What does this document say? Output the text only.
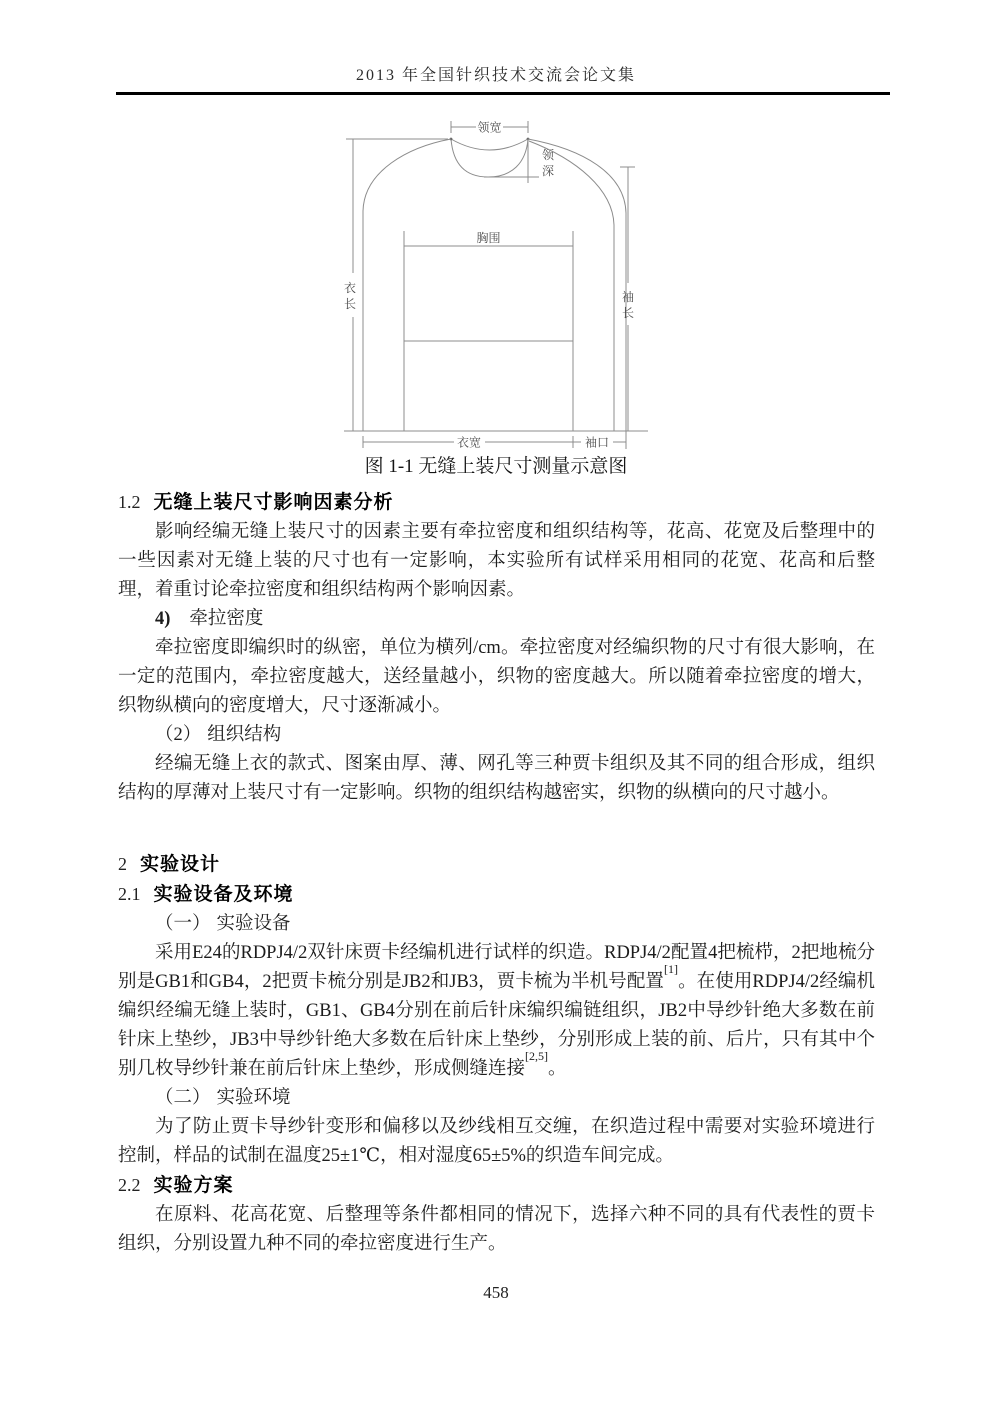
2013 年全国针织技术交流会论文集
领宽
领
深
胸围
衣
长	袖
长
衣宽	袖口
图 1-1 无缝上装尺寸测量示意图
1.2 无缝上装尺寸影响因素分析

影响经编无缝上装尺寸的因素主要有牵拉密度和组织结构等，花高、花宽及后整理中的一些因素对无缝上装的尺寸也有一定影响，本实验所有试样采用相同的花宽、花高和后整理，着重讨论牵拉密度和组织结构两个影响因素。

4) 牵拉密度

牵拉密度即编织时的纵密，单位为横列/cm。牵拉密度对经编织物的尺寸有很大影响，在一定的范围内，牵拉密度越大，送经量越小，织物的密度越大。所以随着牵拉密度的增大，织物纵横向的密度增大，尺寸逐渐减小。

（2） 组织结构

经编无缝上衣的款式、图案由厚、薄、网孔等三种贾卡组织及其不同的组合形成，组织结构的厚薄对上装尺寸有一定影响。织物的组织结构越密实，织物的纵横向的尺寸越小。

2 实验设计
2.1 实验设备及环境
（一） 实验设备

采用E24的RDPJ4/2双针床贾卡经编机进行试样的织造。RDPJ4/2配置4把梳栉，2把地梳分别是GB1和GB4，2把贾卡梳分别是JB2和JB3，贾卡梳为半机号配置[1]。在使用RDPJ4/2经编机编织经编无缝上装时，GB1、GB4分别在前后针床编织编链组织，JB2中导纱针绝大多数在前针床上垫纱，JB3中导纱针绝大多数在后针床上垫纱，分别形成上装的前、后片，只有其中个别几枚导纱针兼在前后针床上垫纱，形成侧缝连接[2,5]。

（二） 实验环境

为了防止贾卡导纱针变形和偏移以及纱线相互交缠，在织造过程中需要对实验环境进行控制，样品的试制在温度25±1℃，相对湿度65±5%的织造车间完成。

2.2 实验方案

在原料、花高花宽、后整理等条件都相同的情况下，选择六种不同的具有代表性的贾卡组织，分别设置九种不同的牵拉密度进行生产。

458
